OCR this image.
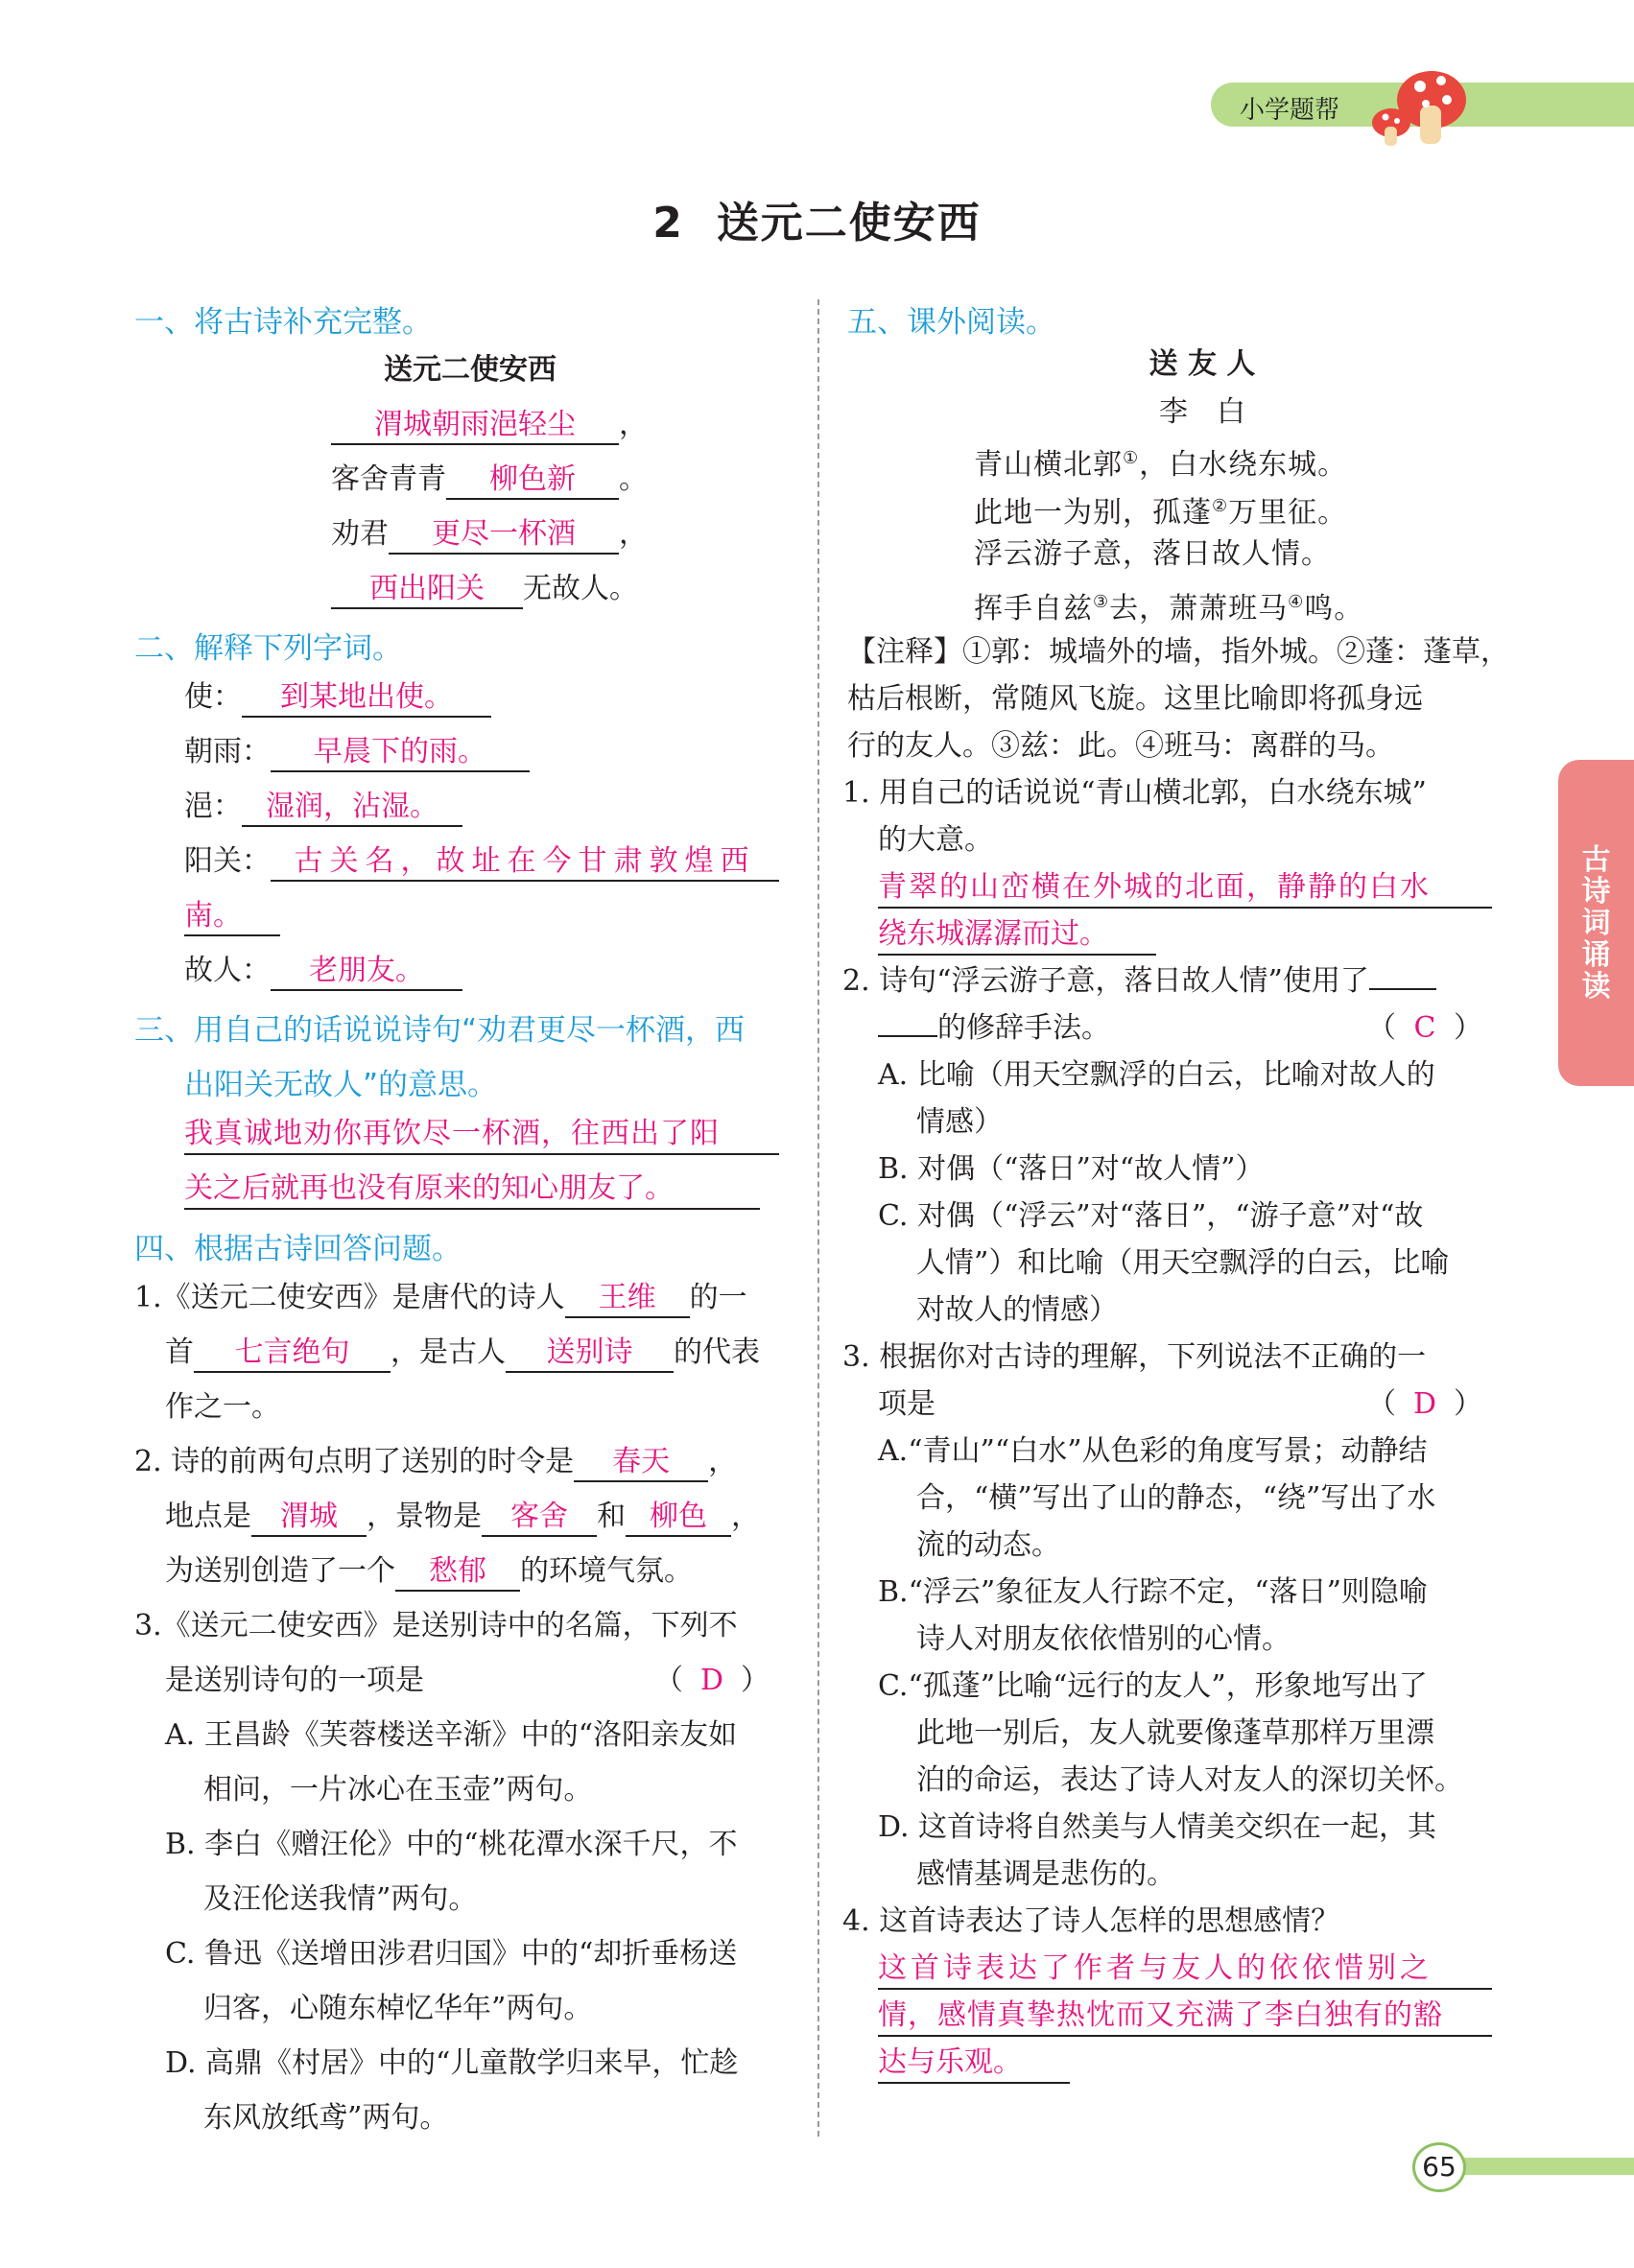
小学题帮
2 送元二使安西
古
诗
词
诵
读
一、将古诗补充完整。
送元二使安西
渭城朝雨浥轻尘 ，
客舍青青 柳色新 。
劝君 更尽一杯酒 ，
西出阳关 无故人。
二、解释下列字词。
使： 到某地出使。
朝雨： 早晨下的雨。
浥： 湿润，沾湿。
阳关： 古关名，故址在今甘肃敦煌西
南。
故人： 老朋友。
三、用自己的话说说诗句“劝君更尽一杯酒，西
出阳关无故人”的意思。
我真诚地劝你再饮尽一杯酒，往西出了阳
关之后就再也没有原来的知心朋友了。
四、根据古诗回答问题。
1.《送元二使安西》是唐代的诗人 王维 的一
首 七言绝句 ，是古人 送别诗 的代表
作之一。
2. 诗的前两句点明了送别的时令是 春天 ，
地点是 渭城 ，景物是 客舍 和 柳色 ，
为送别创造了一个 愁郁 的环境气氛。
3.《送元二使安西》是送别诗中的名篇，下列不
是送别诗句的一项是	（ D ）
A. 王昌龄《芙蓉楼送辛渐》中的“洛阳亲友如
相问，一片冰心在玉壶”两句。
B. 李白《赠汪伦》中的“桃花潭水深千尺，不
及汪伦送我情”两句。
C. 鲁迅《送增田涉君归国》中的“却折垂杨送
归客，心随东棹忆华年”两句。
D. 高鼎《村居》中的“儿童散学归来早，忙趁
东风放纸鸢”两句。
五、课外阅读。
送 友 人
李　白
青山横北郭①，白水绕东城。
此地一为别，孤蓬②万里征。
浮云游子意，落日故人情。
挥手自兹③去，萧萧班马④鸣。
【注释】①郭：城墙外的墙，指外城。②蓬：蓬草，
枯后根断，常随风飞旋。这里比喻即将孤身远
行的友人。③兹：此。④班马：离群的马。
1. 用自己的话说说“青山横北郭，白水绕东城”
的大意。
青翠的山峦横在外城的北面，静静的白水
绕东城潺潺而过。
2. 诗句“浮云游子意，落日故人情”使用了
的修辞手法。	（ C ）
A. 比喻（用天空飘浮的白云，比喻对故人的
情感）
B. 对偶（“落日”对“故人情”）
C. 对偶（“浮云”对“落日”，“游子意”对“故
人情”）和比喻（用天空飘浮的白云，比喻
对故人的情感）
3. 根据你对古诗的理解，下列说法不正确的一
项是	（ D ）
A.“青山”“白水”从色彩的角度写景；动静结
合，“横”写出了山的静态，“绕”写出了水
流的动态。
B.“浮云”象征友人行踪不定，“落日”则隐喻
诗人对朋友依依惜别的心情。
C.“孤蓬”比喻“远行的友人”，形象地写出了
此地一别后，友人就要像蓬草那样万里漂
泊的命运，表达了诗人对友人的深切关怀。
D. 这首诗将自然美与人情美交织在一起，其
感情基调是悲伤的。
4. 这首诗表达了诗人怎样的思想感情？
这首诗表达了作者与友人的依依惜别之
情，感情真挚热忱而又充满了李白独有的豁
达与乐观。
65
